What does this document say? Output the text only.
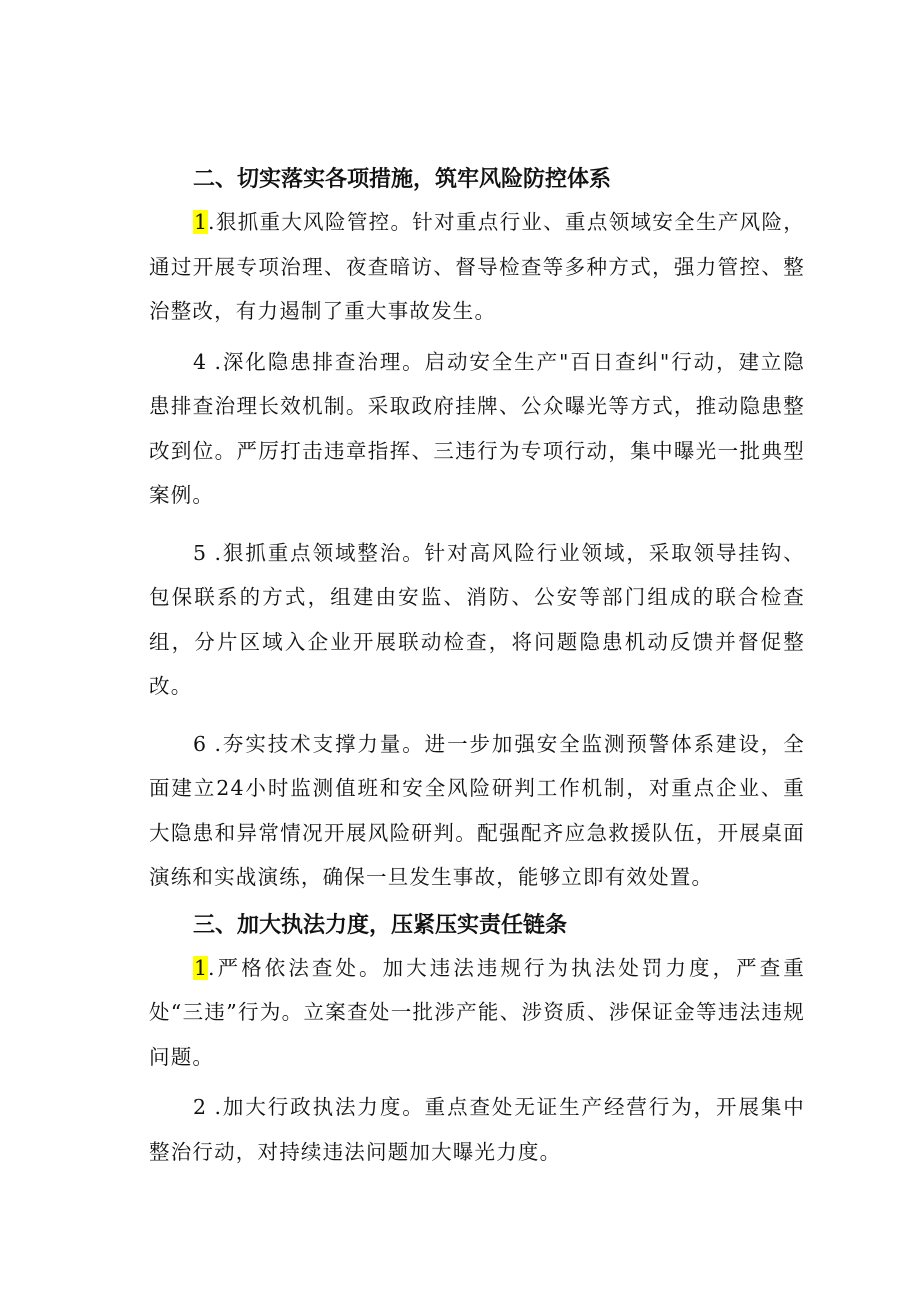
二、切实落实各项措施，筑牢风险防控体系

1.狠抓重大风险管控。针对重点行业、重点领域安全生产风险，通过开展专项治理、夜查暗访、督导检查等多种方式，强力管控、整治整改，有力遏制了重大事故发生。

4 .深化隐患排查治理。启动安全生产"百日查纠"行动，建立隐患排查治理长效机制。采取政府挂牌、公众曝光等方式，推动隐患整改到位。严厉打击违章指挥、三违行为专项行动，集中曝光一批典型案例。

5 .狠抓重点领域整治。针对高风险行业领域，采取领导挂钩、包保联系的方式，组建由安监、消防、公安等部门组成的联合检查组，分片区域入企业开展联动检查，将问题隐患机动反馈并督促整改。

6 .夯实技术支撑力量。进一步加强安全监测预警体系建设，全面建立24小时监测值班和安全风险研判工作机制，对重点企业、重大隐患和异常情况开展风险研判。配强配齐应急救援队伍，开展桌面演练和实战演练，确保一旦发生事故，能够立即有效处置。

三、加大执法力度，压紧压实责任链条

1.严格依法查处。加大违法违规行为执法处罚力度，严查重处“三违”行为。立案查处一批涉产能、涉资质、涉保证金等违法违规问题。

2 .加大行政执法力度。重点查处无证生产经营行为，开展集中整治行动，对持续违法问题加大曝光力度。
